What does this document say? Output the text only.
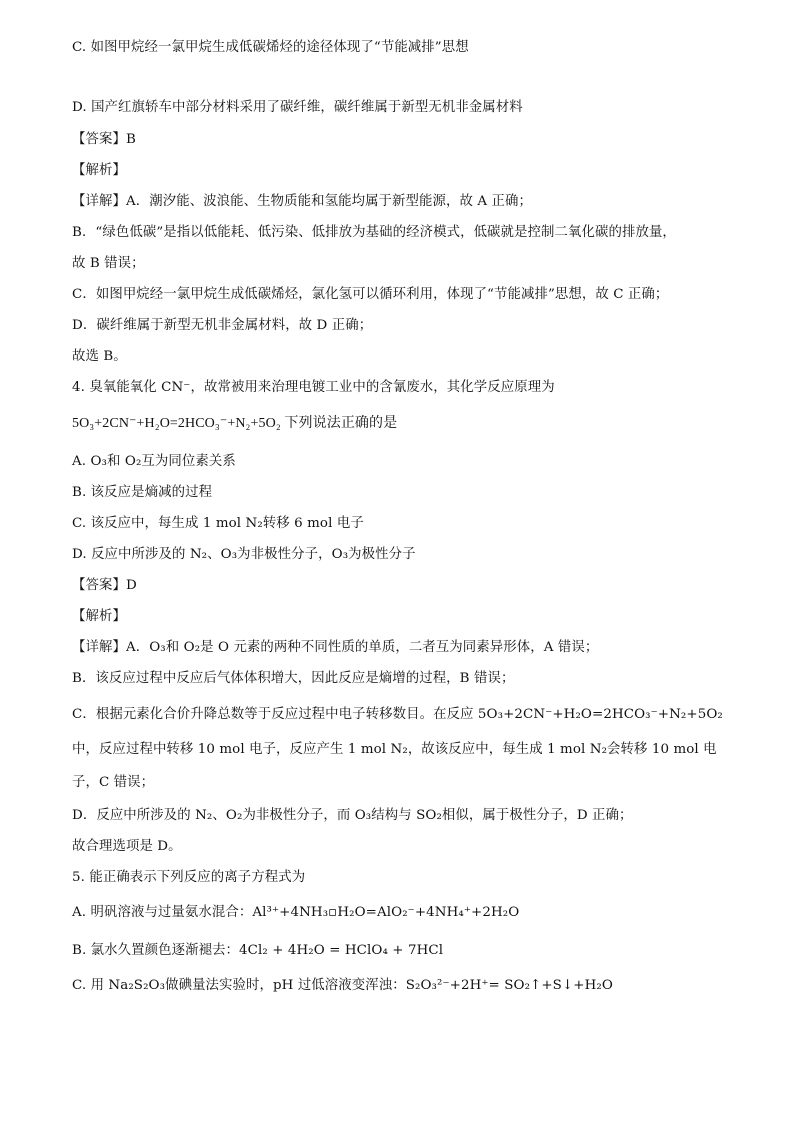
C. 如图甲烷经一氯甲烷生成低碳烯烃的途径体现了“节能减排”思想
D. 国产红旗轿车中部分材料采用了碳纤维，碳纤维属于新型无机非金属材料
【答案】B
【解析】
【详解】A．潮汐能、波浪能、生物质能和氢能均属于新型能源，故 A 正确；
B．“绿色低碳”是指以低能耗、低污染、低排放为基础的经济模式，低碳就是控制二氧化碳的排放量，
故 B 错误；
C．如图甲烷经一氯甲烷生成低碳烯烃，氯化氢可以循环利用，体现了“节能减排”思想，故 C 正确；
D．碳纤维属于新型无机非金属材料，故 D 正确；
故选 B。
4. 臭氧能氧化 CN⁻，故常被用来治理电镀工业中的含氰废水，其化学反应原理为
5O₃+2CN⁻+H₂O=2HCO₃⁻+N₂+5O₂ 下列说法正确的是
A. O₃和 O₂互为同位素关系
B. 该反应是熵减的过程
C. 该反应中，每生成 1 mol N₂转移 6 mol 电子
D. 反应中所涉及的 N₂、O₃为非极性分子，O₃为极性分子
【答案】D
【解析】
【详解】A．O₃和 O₂是 O 元素的两种不同性质的单质，二者互为同素异形体，A 错误；
B．该反应过程中反应后气体体积增大，因此反应是熵增的过程，B 错误；
C．根据元素化合价升降总数等于反应过程中电子转移数目。在反应 5O₃+2CN⁻+H₂O=2HCO₃⁻+N₂+5O₂
中，反应过程中转移 10 mol 电子，反应产生 1 mol N₂，故该反应中，每生成 1 mol N₂会转移 10 mol 电
子，C 错误；
D．反应中所涉及的 N₂、O₂为非极性分子，而 O₃结构与 SO₂相似，属于极性分子，D 正确；
故合理选项是 D。
5. 能正确表示下列反应的离子方程式为
A. 明矾溶液与过量氨水混合：Al³⁺+4NH₃▫H₂O=AlO₂⁻+4NH₄⁺+2H₂O
B. 氯水久置颜色逐渐褪去：4Cl₂ + 4H₂O = HClO₄ + 7HCl
C. 用 Na₂S₂O₃做碘量法实验时，pH 过低溶液变浑浊：S₂O₃²⁻+2H⁺= SO₂↑+S↓+H₂O
